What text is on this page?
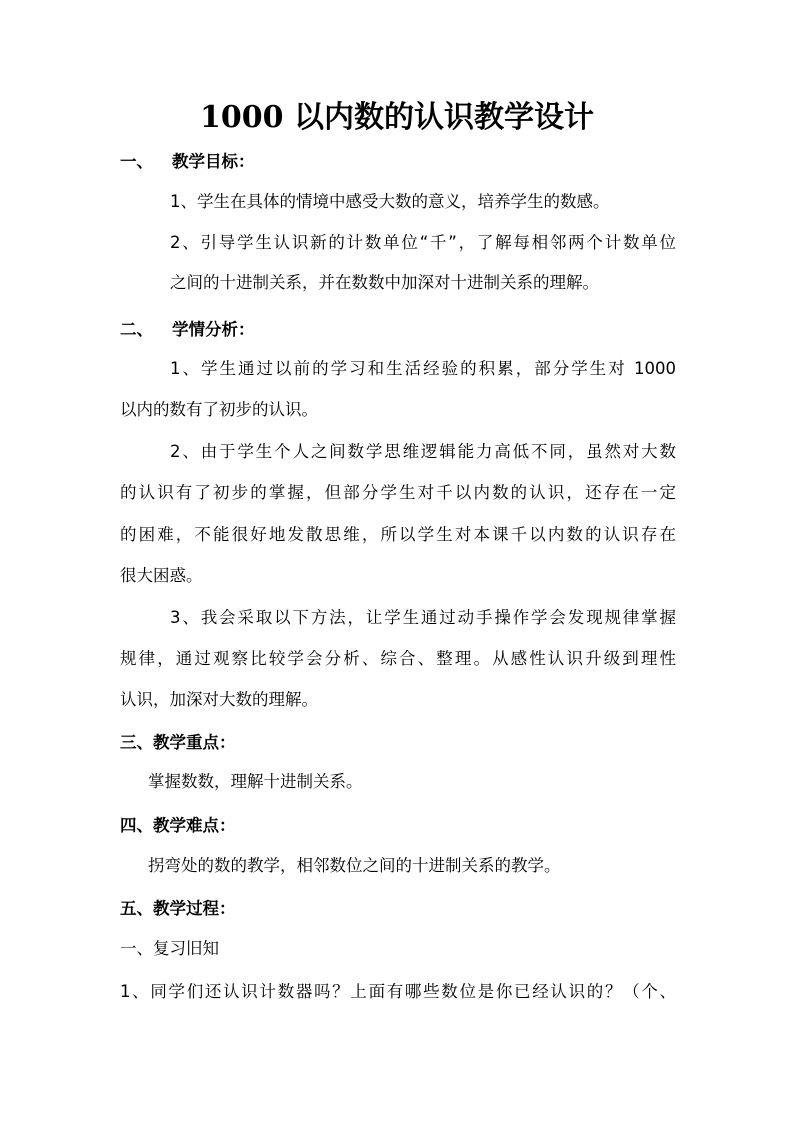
1000 以内数的认识教学设计
一、 教学目标：
1、学生在具体的情境中感受大数的意义，培养学生的数感。
2、引导学生认识新的计数单位“千”，了解每相邻两个计数单位
之间的十进制关系，并在数数中加深对十进制关系的理解。
二、 学情分析：
1、学生通过以前的学习和生活经验的积累，部分学生对 1000
以内的数有了初步的认识。
2、由于学生个人之间数学思维逻辑能力高低不同，虽然对大数
的认识有了初步的掌握，但部分学生对千以内数的认识，还存在一定
的困难，不能很好地发散思维，所以学生对本课千以内数的认识存在
很大困惑。
3、我会采取以下方法，让学生通过动手操作学会发现规律掌握
规律，通过观察比较学会分析、综合、整理。从感性认识升级到理性
认识，加深对大数的理解。
三、教学重点：
掌握数数，理解十进制关系。
四、教学难点：
拐弯处的数的教学，相邻数位之间的十进制关系的教学。
五、教学过程：
一、复习旧知
1、同学们还认识计数器吗？上面有哪些数位是你已经认识的？（个、
